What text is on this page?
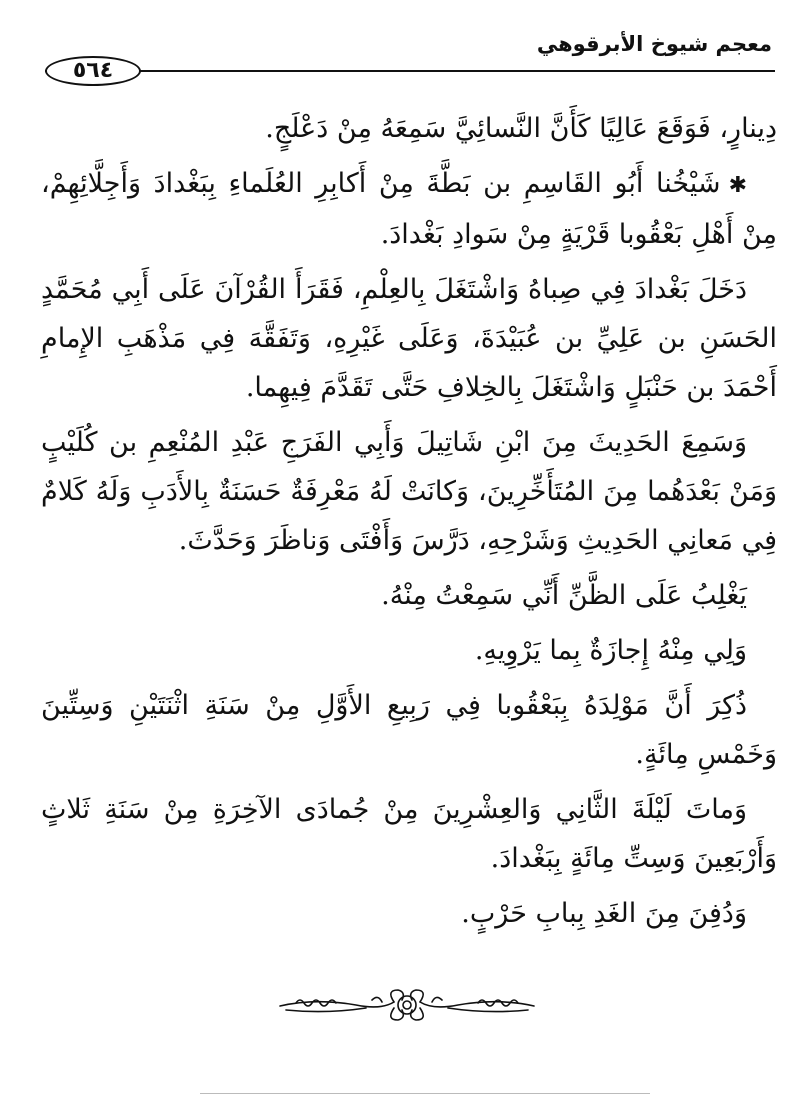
معجم شيوخ الأبرقوهي
٥٦٤

دِينارٍ، فَوَقَعَ عَالِيًا كَأَنَّ النَّسائِيَّ سَمِعَهُ مِنْ دَعْلَجٍ.

✱شَيْخُنا أَبُو القَاسِمِ بن بَطَّةَ مِنْ أَكابِرِ العُلَماءِ بِبَغْدادَ وَأَجِلَّائِهِمْ، مِنْ أَهْلِ بَعْقُوبا قَرْيَةٍ مِنْ سَوادِ بَغْدادَ.

دَخَلَ بَغْدادَ فِي صِباهُ وَاشْتَغَلَ بِالعِلْمِ، فَقَرَأَ القُرْآنَ عَلَى أَبِي مُحَمَّدٍ الحَسَنِ بن عَلِيِّ بن عُبَيْدَةَ، وَعَلَى غَيْرِهِ، وَتَفَقَّهَ فِي مَذْهَبِ الإِمامِ أَحْمَدَ بن حَنْبَلٍ وَاشْتَغَلَ بِالخِلافِ حَتَّى تَقَدَّمَ فِيهِما.

وَسَمِعَ الحَدِيثَ مِنَ ابْنِ شَاتِيلَ وَأَبِي الفَرَجِ عَبْدِ المُنْعِمِ بن كُلَيْبٍ وَمَنْ بَعْدَهُما مِنَ المُتَأَخِّرِينَ، وَكانَتْ لَهُ مَعْرِفَةٌ حَسَنَةٌ بِالأَدَبِ وَلَهُ كَلامٌ فِي مَعانِي الحَدِيثِ وَشَرْحِهِ، دَرَّسَ وَأَفْتَى وَناظَرَ وَحَدَّثَ.

يَغْلِبُ عَلَى الظَّنِّ أَنِّي سَمِعْتُ مِنْهُ.

وَلِي مِنْهُ إِجازَةٌ بِما يَرْوِيهِ.

ذُكِرَ أَنَّ مَوْلِدَهُ بِبَعْقُوبا فِي رَبِيعِ الأَوَّلِ مِنْ سَنَةِ اثْنَتَيْنِ وَسِتِّينَ وَخَمْسِ مِائَةٍ.

وَماتَ لَيْلَةَ الثَّانِي وَالعِشْرِينَ مِنْ جُمادَى الآخِرَةِ مِنْ سَنَةِ ثَلاثٍ وَأَرْبَعِينَ وَسِتِّ مِائَةٍ بِبَغْدادَ.

وَدُفِنَ مِنَ الغَدِ بِبابِ حَرْبٍ.
